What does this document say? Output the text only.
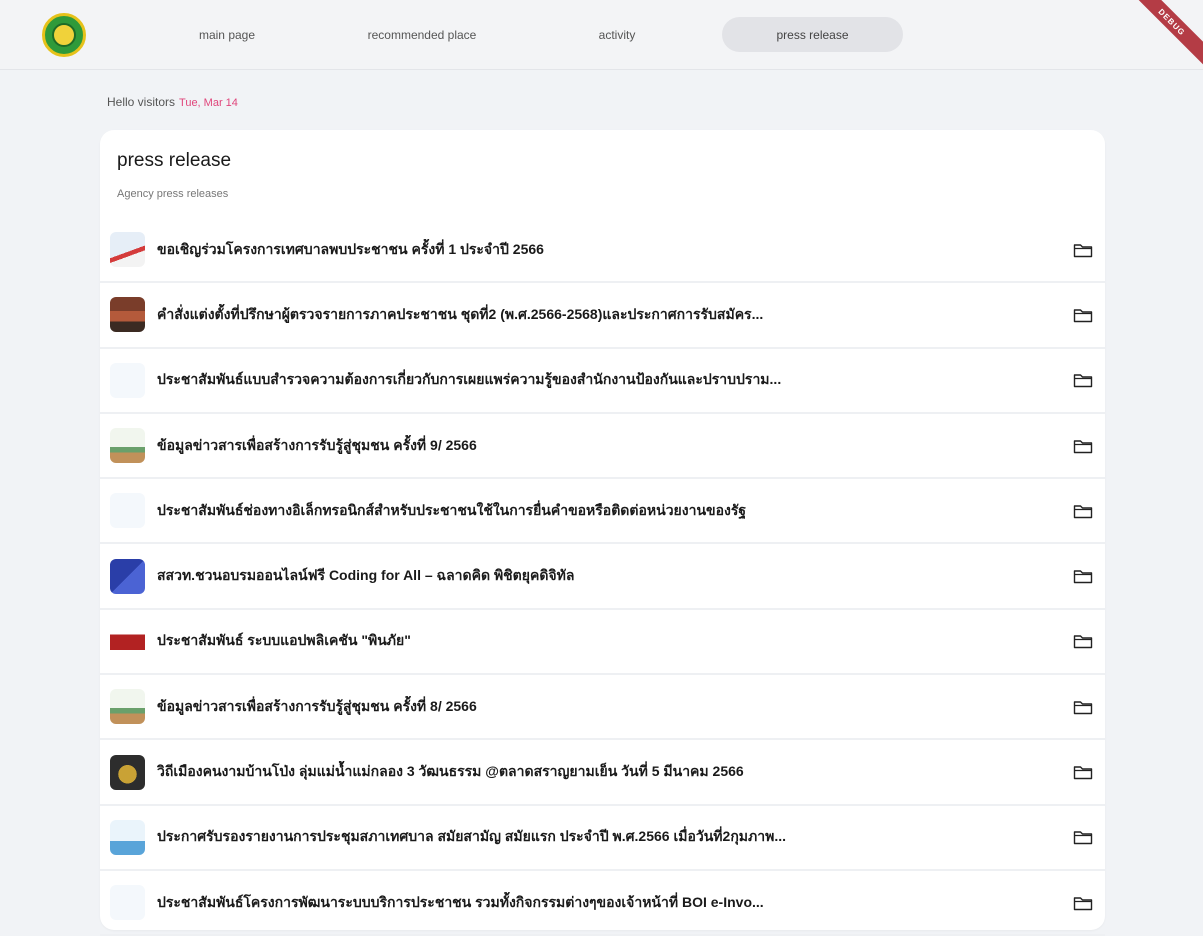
main page	recommended place	activity	press release	DEBUG
Hello visitors Tue, Mar 14
press release
Agency press releases
ขอเชิญร่วมโครงการเทศบาลพบประชาชน ครั้งที่ 1 ประจำปี 2566
คำสั่งแต่งตั้งที่ปรึกษาผู้ตรวจรายการภาคประชาชน ชุดที่2 (พ.ศ.2566-2568)และประกาศการรับสมัคร...
ประชาสัมพันธ์แบบสำรวจความต้องการเกี่ยวกับการเผยแพร่ความรู้ของสำนักงานป้องกันและปราบปราม...
ข้อมูลข่าวสารเพื่อสร้างการรับรู้สู่ชุมชน ครั้งที่ 9/ 2566
ประชาสัมพันธ์ช่องทางอิเล็กทรอนิกส์สำหรับประชาชนใช้ในการยื่นคำขอหรือติดต่อหน่วยงานของรัฐ
สสวท.ชวนอบรมออนไลน์ฟรี Coding for All – ฉลาดคิด พิชิตยุคดิจิทัล
ประชาสัมพันธ์ ระบบแอปพลิเคชัน "พินภัย"
ข้อมูลข่าวสารเพื่อสร้างการรับรู้สู่ชุมชน ครั้งที่ 8/ 2566
วิถีเมืองคนงามบ้านโป่ง ลุ่มแม่น้ำแม่กลอง 3 วัฒนธรรม @ตลาดสราญยามเย็น วันที่ 5 มีนาคม 2566
ประกาศรับรองรายงานการประชุมสภาเทศบาล สมัยสามัญ สมัยแรก ประจำปี พ.ศ.2566 เมื่อวันที่2กุมภาพ...
ประชาสัมพันธ์โครงการพัฒนาระบบบริการประชาชน รวมทั้งกิจกรรมต่างๆของเจ้าหน้าที่ BOI e-Invo...
